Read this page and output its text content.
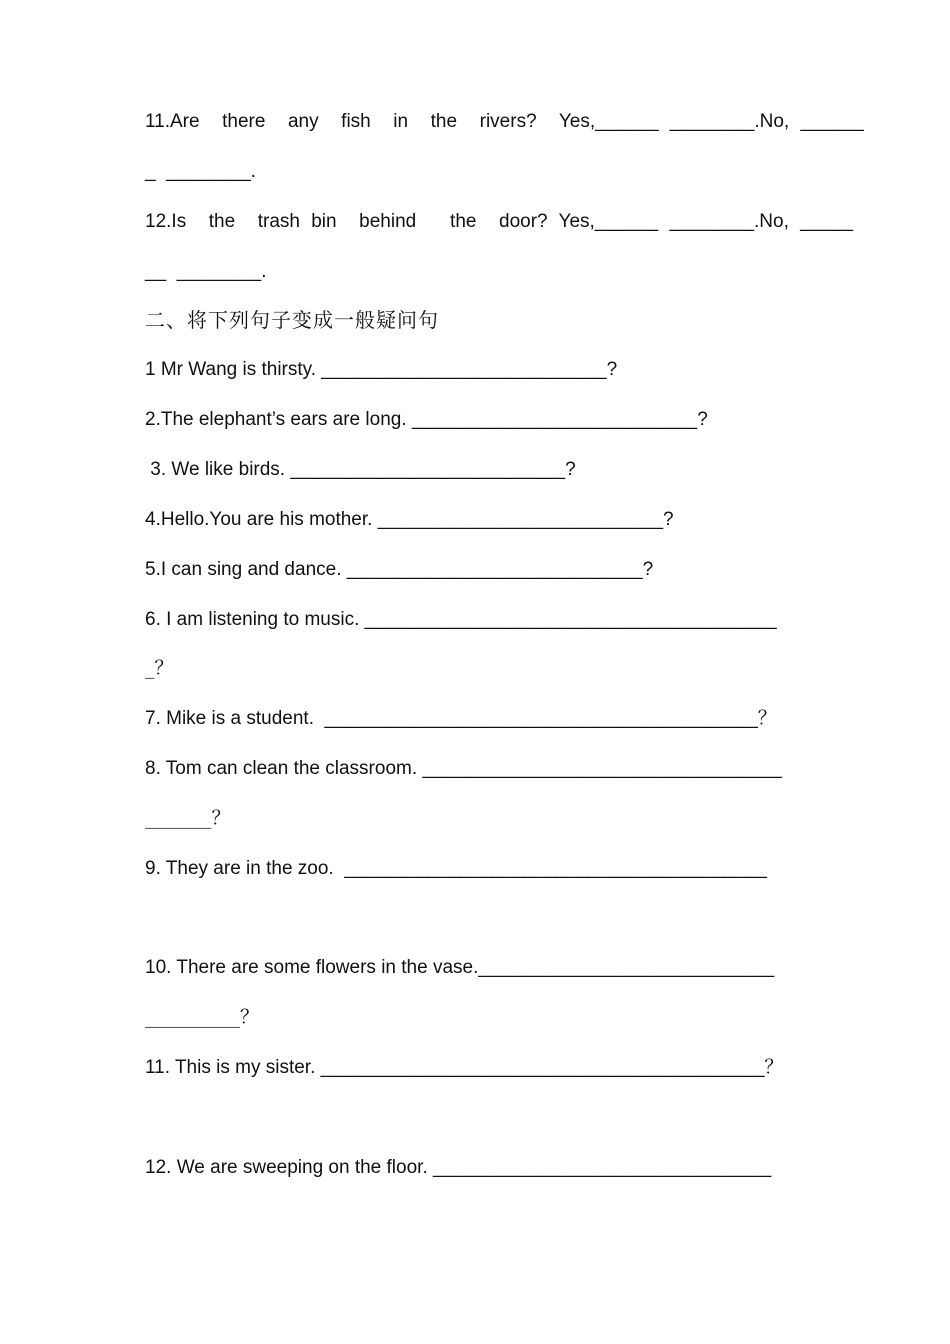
11.Are  there  any  fish  in  the  rivers?  Yes,______ ________.No, ______
_  ________.
12.Is  the  trash bin  behind   the  door? Yes,______ ________.No, _____
__  ________.
二、将下列句子变成一般疑问句
1 Mr Wang is thirsty. ___________________________?
2.The elephant’s ears are long. ___________________________?
3. We like birds. __________________________?
4.Hello.You are his mother. ___________________________?
5.I can sing and dance. ____________________________?
6. I am listening to music. _______________________________________
_？
7. Mike is a student.  _________________________________________？
8. Tom can clean the classroom. __________________________________
_______？
9. They are in the zoo.  ________________________________________
10. There are some flowers in the vase.____________________________
__________？
11. This is my sister. __________________________________________？
12. We are sweeping on the floor. ________________________________
